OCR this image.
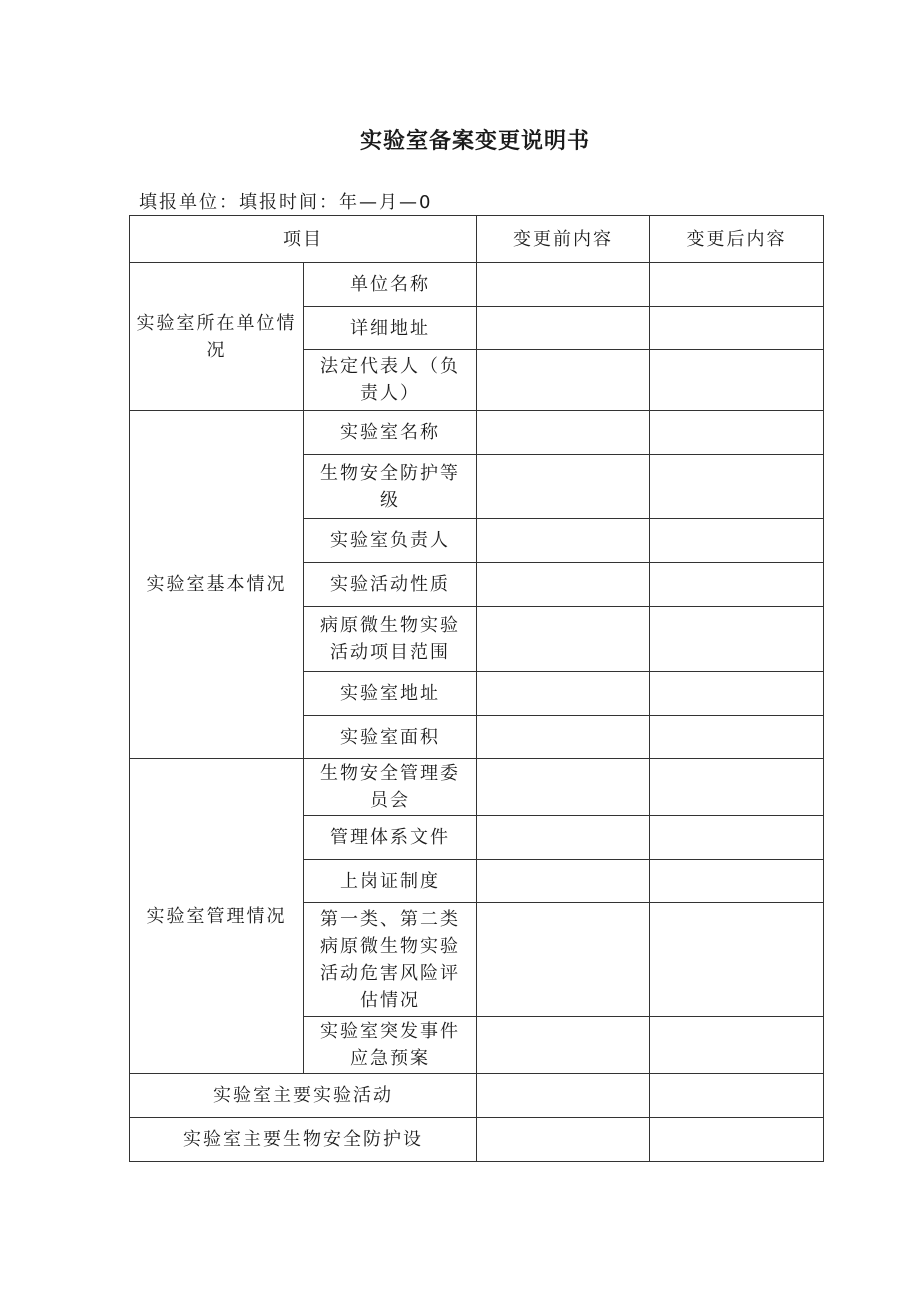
实验室备案变更说明书
填报单位：填报时间：年—月—0
项目		变更前内容	变更后内容
实验室所在单位情况	单位名称		
	详细地址		
	法定代表人（负责人）		
实验室基本情况	实验室名称		
	生物安全防护等级		
	实验室负责人		
	实验活动性质		
	病原微生物实验活动项目范围		
	实验室地址		
	实验室面积		
实验室管理情况	生物安全管理委员会		
	管理体系文件		
	上岗证制度		
	第一类、第二类病原微生物实验活动危害风险评估情况		
	实验室突发事件应急预案		
实验室主要实验活动			
实验室主要生物安全防护设			
